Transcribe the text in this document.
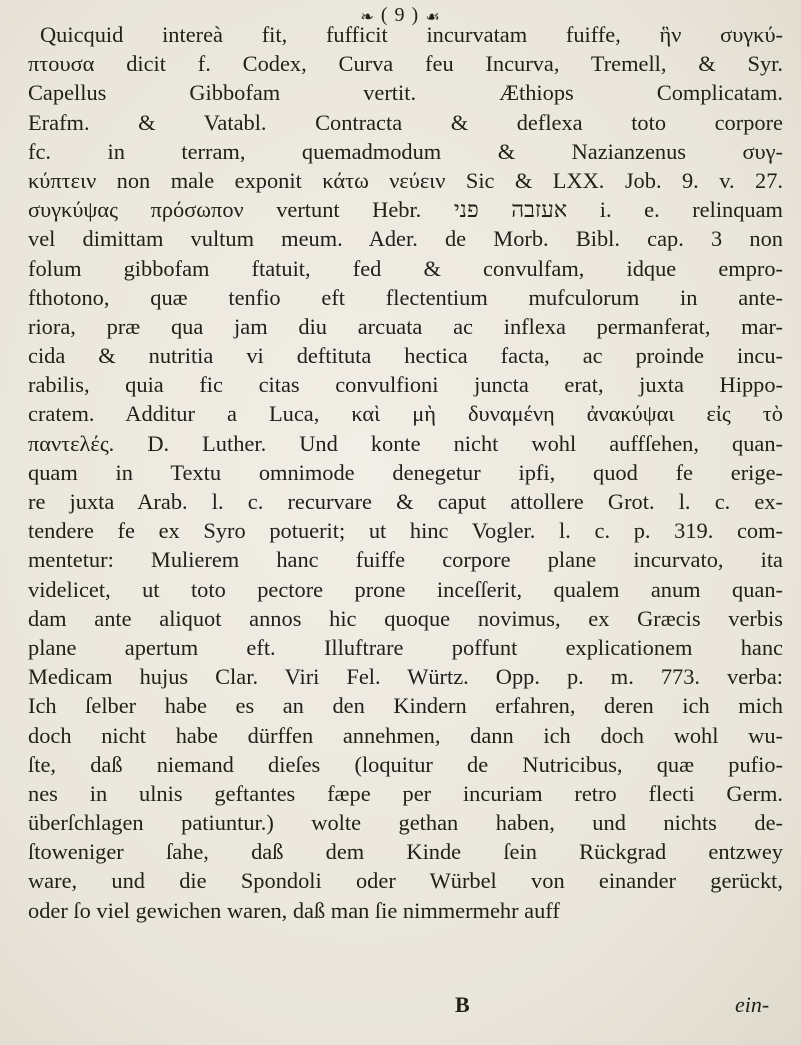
❧ ( 9 ) ☙
Quicquid intereà fit, fufficit incurvatam fuiffe, ἣν συγκύ-
πτουσα dicit f. Codex, Curva feu Incurva, Tremell, & Syr.
Capellus Gibbofam vertit. Æthiops Complicatam.
Erafm. & Vatabl. Contracta & deflexa toto corpore
fc. in terram, quemadmodum & Nazianzenus συγ-
κύπτειν non male exponit κάτω νεύειν Sic & LXX. Job. 9. v. 27.
συγκύψας πρόσωπον vertunt Hebr. אעזבה פני i. e. relinquam
vel dimittam vultum meum. Ader. de Morb. Bibl. cap. 3 non
folum gibbofam ftatuit, fed & convulfam, idque empro-
fthotono, quæ tenfio eft flectentium mufculorum in ante-
riora, præ qua jam diu arcuata ac inflexa permanferat, mar-
cida & nutritia vi deftituta hectica facta, ac proinde incu-
rabilis, quia fic citas convulfioni juncta erat, juxta Hippo-
cratem. Additur a Luca, καὶ μὴ δυναμένη ἀνακύψαι εἰς τὸ
παντελές. D. Luther. Und konte nicht wohl auffſehen, quan-
quam in Textu omnimode denegetur ipfi, quod fe erige-
re juxta Arab. l. c. recurvare & caput attollere Grot. l. c. ex-
tendere fe ex Syro potuerit; ut hinc Vogler. l. c. p. 319. com-
mentetur: Mulierem hanc fuiffe corpore plane incurvato, ita
videlicet, ut toto pectore prone inceſſerit, qualem anum quan-
dam ante aliquot annos hic quoque novimus, ex Græcis verbis
plane apertum eft. Illuftrare poffunt explicationem hanc
Medicam hujus Clar. Viri Fel. Würtz. Opp. p. m. 773. verba:
Ich ſelber habe es an den Kindern erfahren, deren ich mich
doch nicht habe dürffen annehmen, dann ich doch wohl wu-
ſte, daß niemand dieſes (loquitur de Nutricibus, quæ pufio-
nes in ulnis geftantes fæpe per incuriam retro flecti Germ.
überſchlagen patiuntur.) wolte gethan haben, und nichts de-
ſtoweniger ſahe, daß dem Kinde ſein Rückgrad entzwey
ware, und die Spondoli oder Würbel von einander gerückt,
oder ſo viel gewichen waren, daß man ſie nimmermehr auff
B	ein-
